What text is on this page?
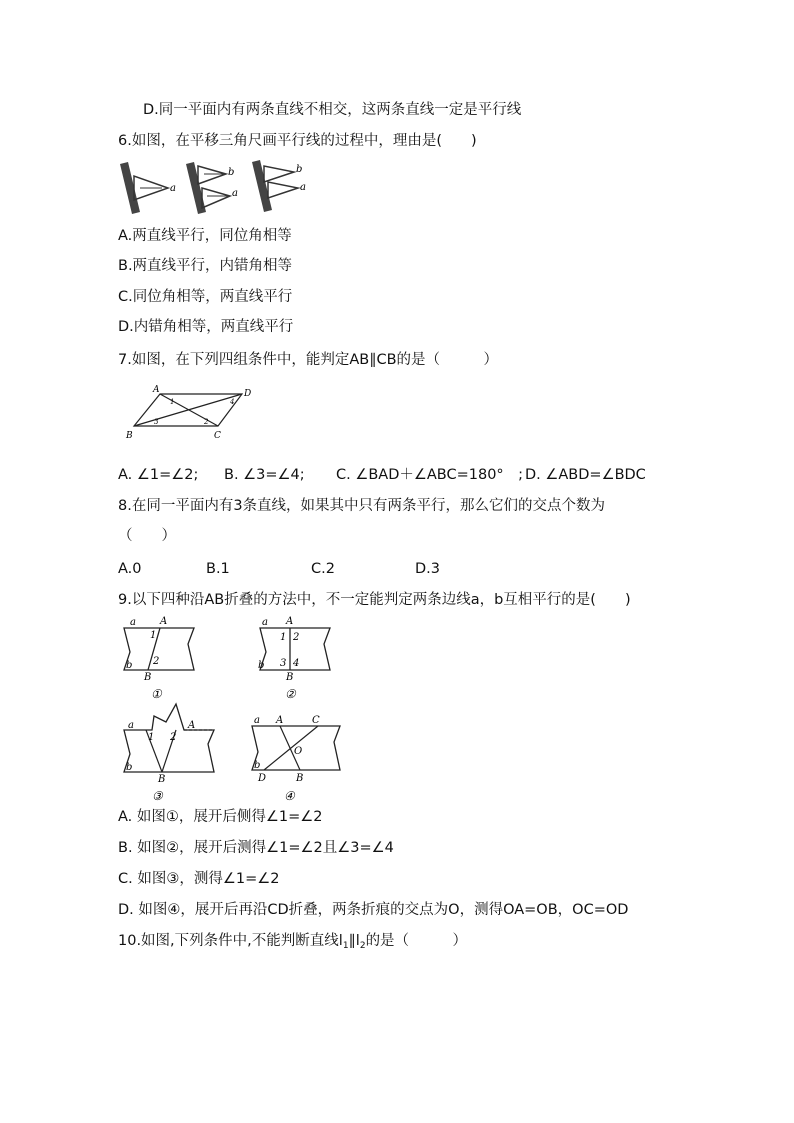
D.同一平面内有两条直线不相交，这两条直线一定是平行线
6.如图，在平移三角尺画平行线的过程中，理由是(　　)
a
b
a
b
a
A.两直线平行，同位角相等
B.两直线平行，内错角相等
C.同位角相等，两直线平行
D.内错角相等，两直线平行
7.如图，在下列四组条件中，能判定AB∥CB的是（　　　）
A	D
B	C
1
2
3
4
A. ∠1=∠2; B. ∠3=∠4; C. ∠BAD＋∠ABC=180°　; D. ∠ABD=∠BDC
8.在同一平面内有3条直线，如果其中只有两条平行，那么它们的交点个数为
（　　）
A.0	B.1	C.2	D.3
9.以下四种沿AB折叠的方法中，不一定能判定两条边线a，b互相平行的是(　　)
a A
b
B
1
2
①
a A
b
B
1 2
3 4
②
a	A
b
B
1 2
③
a A	C
b
D	B
O
④
A. 如图①，展开后侧得∠1=∠2
B. 如图②，展开后测得∠1=∠2且∠3=∠4
C. 如图③，测得∠1=∠2
D. 如图④，展开后再沿CD折叠，两条折痕的交点为O，测得OA=OB，OC=OD
10.如图,下列条件中,不能判断直线$l_1\parallel l_2$的是（　　　）
